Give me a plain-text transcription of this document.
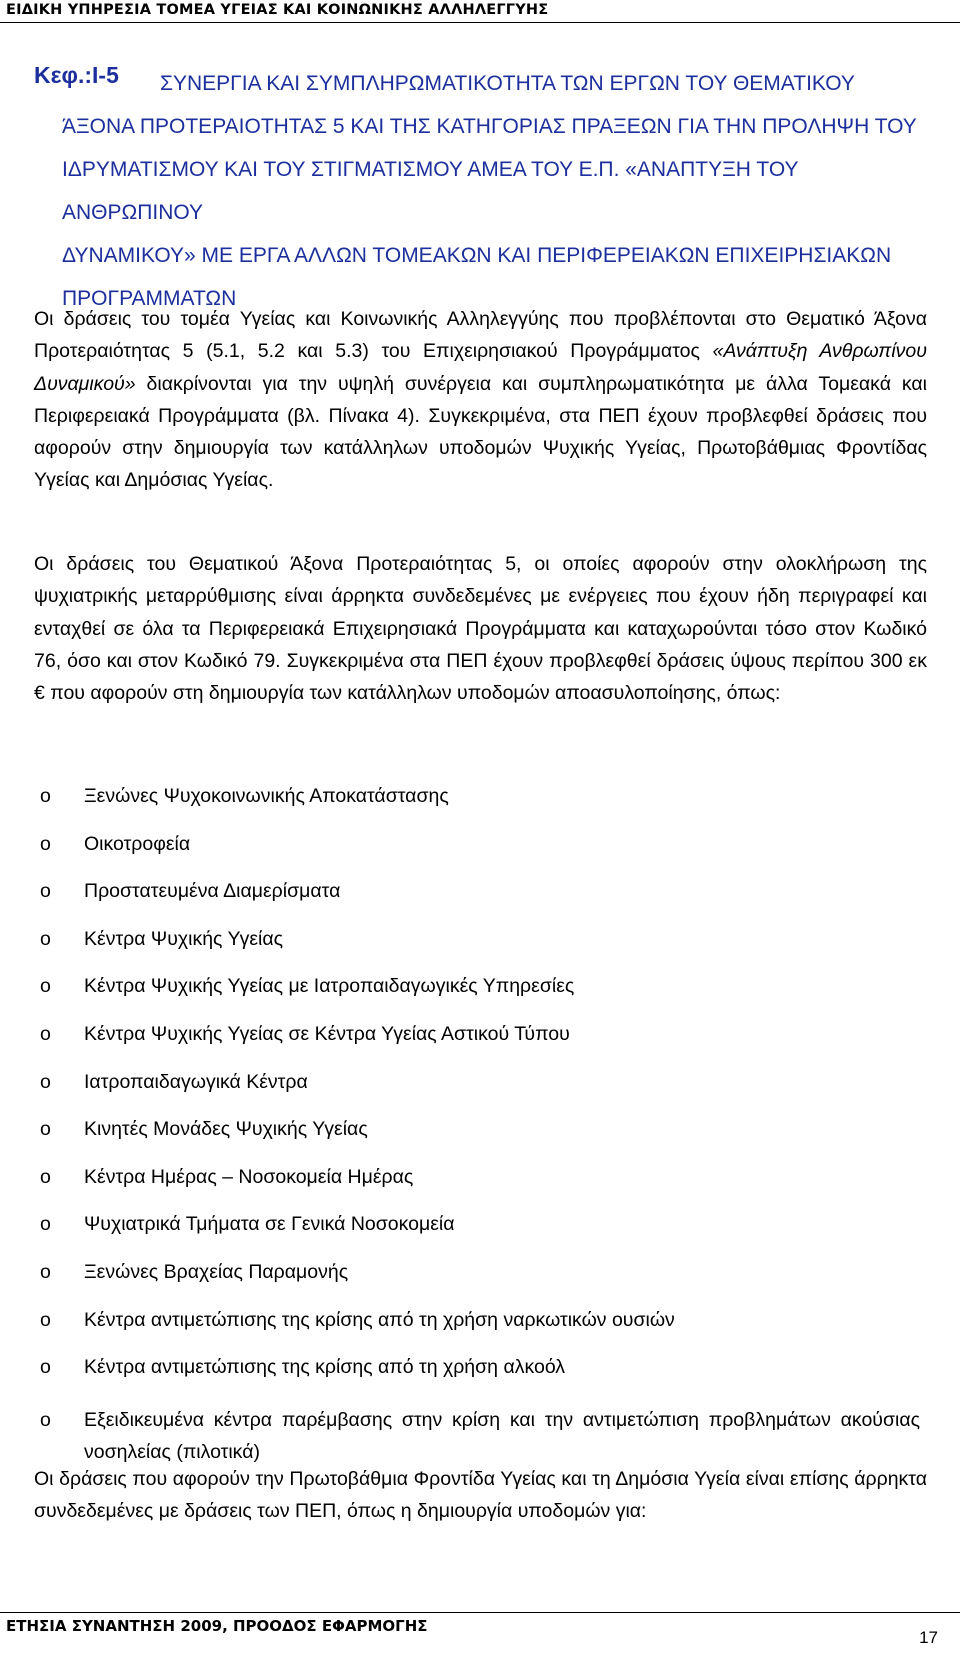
ΕΙΔΙΚΗ ΥΠΗΡΕΣΙΑ ΤΟΜΕΑ ΥΓΕΙΑΣ ΚΑΙ ΚΟΙΝΩΝΙΚΗΣ ΑΛΛΗΛΕΓΓΥΗΣ
Κεφ.:Ι-5 ΣΥΝΕΡΓΙΑ ΚΑΙ ΣΥΜΠΛΗΡΩΜΑΤΙΚΟΤΗΤΑ ΤΩΝ ΕΡΓΩΝ ΤΟΥ ΘΕΜΑΤΙΚΟΥ
ΆΞΟΝΑ ΠΡΟΤΕΡΑΙΟΤΗΤΑΣ 5 ΚΑΙ ΤΗΣ ΚΑΤΗΓΟΡΙΑΣ ΠΡΑΞΕΩΝ ΓΙΑ ΤΗΝ ΠΡΟΛΗΨΗ ΤΟΥ
ΙΔΡΥΜΑΤΙΣΜΟΥ ΚΑΙ ΤΟΥ ΣΤΙΓΜΑΤΙΣΜΟΥ ΑΜΕΑ ΤΟΥ Ε.Π. «ΑΝΑΠΤΥΞΗ ΤΟΥ ΑΝΘΡΩΠΙΝΟΥ
ΔΥΝΑΜΙΚΟΥ» ΜΕ ΕΡΓΑ ΑΛΛΩΝ ΤΟΜΕΑΚΩΝ ΚΑΙ ΠΕΡΙΦΕΡΕΙΑΚΩΝ ΕΠΙΧΕΙΡΗΣΙΑΚΩΝ
ΠΡΟΓΡΑΜΜΑΤΩΝ
Οι δράσεις του τομέα Υγείας και Κοινωνικής Αλληλεγγύης που προβλέπονται στο Θεματικό Άξονα Προτεραιότητας 5 (5.1, 5.2 και 5.3) του Επιχειρησιακού Προγράμματος «Ανάπτυξη Ανθρωπίνου Δυναμικού» διακρίνονται για την υψηλή συνέργεια και συμπληρωματικότητα με άλλα Τομεακά και Περιφερειακά Προγράμματα (βλ. Πίνακα 4). Συγκεκριμένα, στα ΠΕΠ έχουν προβλεφθεί δράσεις που αφορούν στην δημιουργία των κατάλληλων υποδομών Ψυχικής Υγείας, Πρωτοβάθμιας Φροντίδας Υγείας και Δημόσιας Υγείας.
Οι δράσεις του Θεματικού Άξονα Προτεραιότητας 5, οι οποίες αφορούν στην ολοκλήρωση της ψυχιατρικής μεταρρύθμισης είναι άρρηκτα συνδεδεμένες με ενέργειες που έχουν ήδη περιγραφεί και ενταχθεί σε όλα τα Περιφερειακά Επιχειρησιακά Προγράμματα και καταχωρούνται τόσο στον Κωδικό 76, όσο και στον Κωδικό 79. Συγκεκριμένα στα ΠΕΠ έχουν προβλεφθεί δράσεις ύψους περίπου 300 εκ € που αφορούν στη δημιουργία των κατάλληλων υποδομών αποασυλοποίησης, όπως:
o Ξενώνες Ψυχοκοινωνικής Αποκατάστασης
o Οικοτροφεία
o Προστατευμένα Διαμερίσματα
o Κέντρα Ψυχικής Υγείας
o Κέντρα Ψυχικής Υγείας με Ιατροπαιδαγωγικές Υπηρεσίες
o Κέντρα Ψυχικής Υγείας σε Κέντρα Υγείας Αστικού Τύπου
o Ιατροπαιδαγωγικά Κέντρα
o Κινητές Μονάδες Ψυχικής Υγείας
o Κέντρα Ημέρας – Νοσοκομεία Ημέρας
o Ψυχιατρικά Τμήματα σε Γενικά Νοσοκομεία
o Ξενώνες Βραχείας Παραμονής
o Κέντρα αντιμετώπισης της κρίσης από τη χρήση ναρκωτικών ουσιών
o Κέντρα αντιμετώπισης της κρίσης από τη χρήση αλκοόλ
o Εξειδικευμένα κέντρα παρέμβασης στην κρίση και την αντιμετώπιση προβλημάτων ακούσιας νοσηλείας (πιλοτικά)
Οι δράσεις που αφορούν την Πρωτοβάθμια Φροντίδα Υγείας και τη Δημόσια Υγεία είναι επίσης άρρηκτα συνδεδεμένες με δράσεις των ΠΕΠ, όπως η δημιουργία υποδομών για:
ΕΤΗΣΙΑ ΣΥΝΑΝΤΗΣΗ 2009, ΠΡΟΟΔΟΣ ΕΦΑΡΜΟΓΗΣ
17
